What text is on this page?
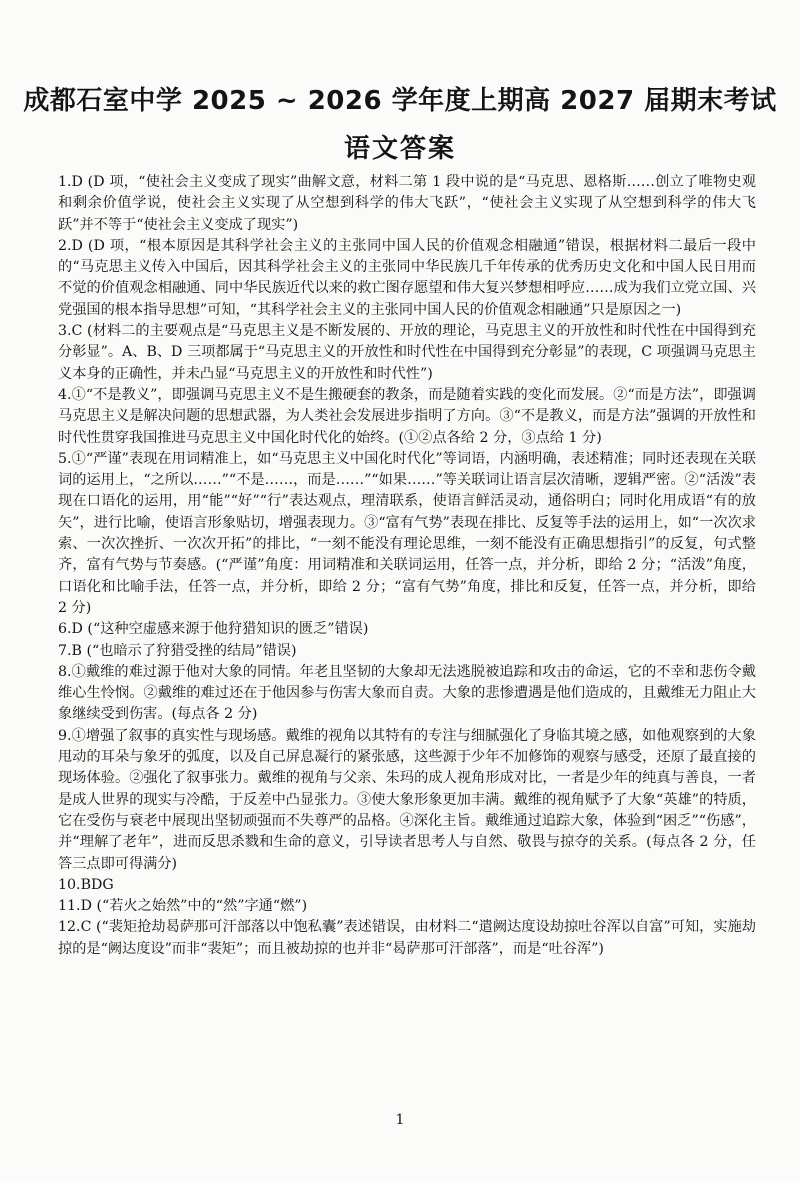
成都石室中学 2025 ~ 2026 学年度上期高 2027 届期末考试
语文答案

1.D (D 项，“使社会主义变成了现实”曲解文意，材料二第 1 段中说的是“马克思、恩格斯……创立了唯物史观和剩余价值学说，使社会主义实现了从空想到科学的伟大飞跃”，“使社会主义实现了从空想到科学的伟大飞跃”并不等于“使社会主义变成了现实”)

2.D (D 项，“根本原因是其科学社会主义的主张同中国人民的价值观念相融通”错误，根据材料二最后一段中的“马克思主义传入中国后，因其科学社会主义的主张同中华民族几千年传承的优秀历史文化和中国人民日用而不觉的价值观念相融通、同中华民族近代以来的救亡图存愿望和伟大复兴梦想相呼应……成为我们立党立国、兴党强国的根本指导思想”可知，“其科学社会主义的主张同中国人民的价值观念相融通”只是原因之一)

3.C (材料二的主要观点是“马克思主义是不断发展的、开放的理论，马克思主义的开放性和时代性在中国得到充分彰显”。A、B、D 三项都属于“马克思主义的开放性和时代性在中国得到充分彰显”的表现，C 项强调马克思主义本身的正确性，并未凸显“马克思主义的开放性和时代性”)

4.①“不是教义”，即强调马克思主义不是生搬硬套的教条，而是随着实践的变化而发展。②“而是方法”，即强调马克思主义是解决问题的思想武器，为人类社会发展进步指明了方向。③“不是教义，而是方法”强调的开放性和时代性贯穿我国推进马克思主义中国化时代化的始终。(①②点各给 2 分，③点给 1 分)

5.①“严谨”表现在用词精准上，如“马克思主义中国化时代化”等词语，内涵明确，表述精准；同时还表现在关联词的运用上，“之所以……”“不是……，而是……”“如果……”等关联词让语言层次清晰，逻辑严密。②“活泼”表现在口语化的运用，用“能”“好”“行”表达观点，理清联系，使语言鲜活灵动，通俗明白；同时化用成语“有的放矢”，进行比喻，使语言形象贴切，增强表现力。③“富有气势”表现在排比、反复等手法的运用上，如“一次次求索、一次次挫折、一次次开拓”的排比，“一刻不能没有理论思维，一刻不能没有正确思想指引”的反复，句式整齐，富有气势与节奏感。(“严谨”角度：用词精准和关联词运用，任答一点，并分析，即给 2 分；“活泼”角度，口语化和比喻手法，任答一点，并分析，即给 2 分；“富有气势”角度，排比和反复，任答一点，并分析，即给 2 分)

6.D (“这种空虚感来源于他狩猎知识的匮乏”错误)

7.B (“也暗示了狩猎受挫的结局”错误)

8.①戴维的难过源于他对大象的同情。年老且坚韧的大象却无法逃脱被追踪和攻击的命运，它的不幸和悲伤令戴维心生怜悯。②戴维的难过还在于他因参与伤害大象而自责。大象的悲惨遭遇是他们造成的，且戴维无力阻止大象继续受到伤害。(每点各 2 分)

9.①增强了叙事的真实性与现场感。戴维的视角以其特有的专注与细腻强化了身临其境之感，如他观察到的大象甩动的耳朵与象牙的弧度，以及自己屏息凝行的紧张感，这些源于少年不加修饰的观察与感受，还原了最直接的现场体验。②强化了叙事张力。戴维的视角与父亲、朱玛的成人视角形成对比，一者是少年的纯真与善良，一者是成人世界的现实与冷酷，于反差中凸显张力。③使大象形象更加丰满。戴维的视角赋予了大象“英雄”的特质，它在受伤与衰老中展现出坚韧顽强而不失尊严的品格。④深化主旨。戴维通过追踪大象，体验到“困乏”“伤感”，并“理解了老年”，进而反思杀戮和生命的意义，引导读者思考人与自然、敬畏与掠夺的关系。(每点各 2 分，任答三点即可得满分)

10.BDG

11.D (“若火之始然”中的“然”字通“燃”)

12.C (“裴矩抢劫曷萨那可汗部落以中饱私囊”表述错误，由材料二“遣阙达度设劫掠吐谷浑以自富”可知，实施劫掠的是“阙达度设”而非“裴矩”；而且被劫掠的也并非“曷萨那可汗部落”，而是“吐谷浑”)

1
